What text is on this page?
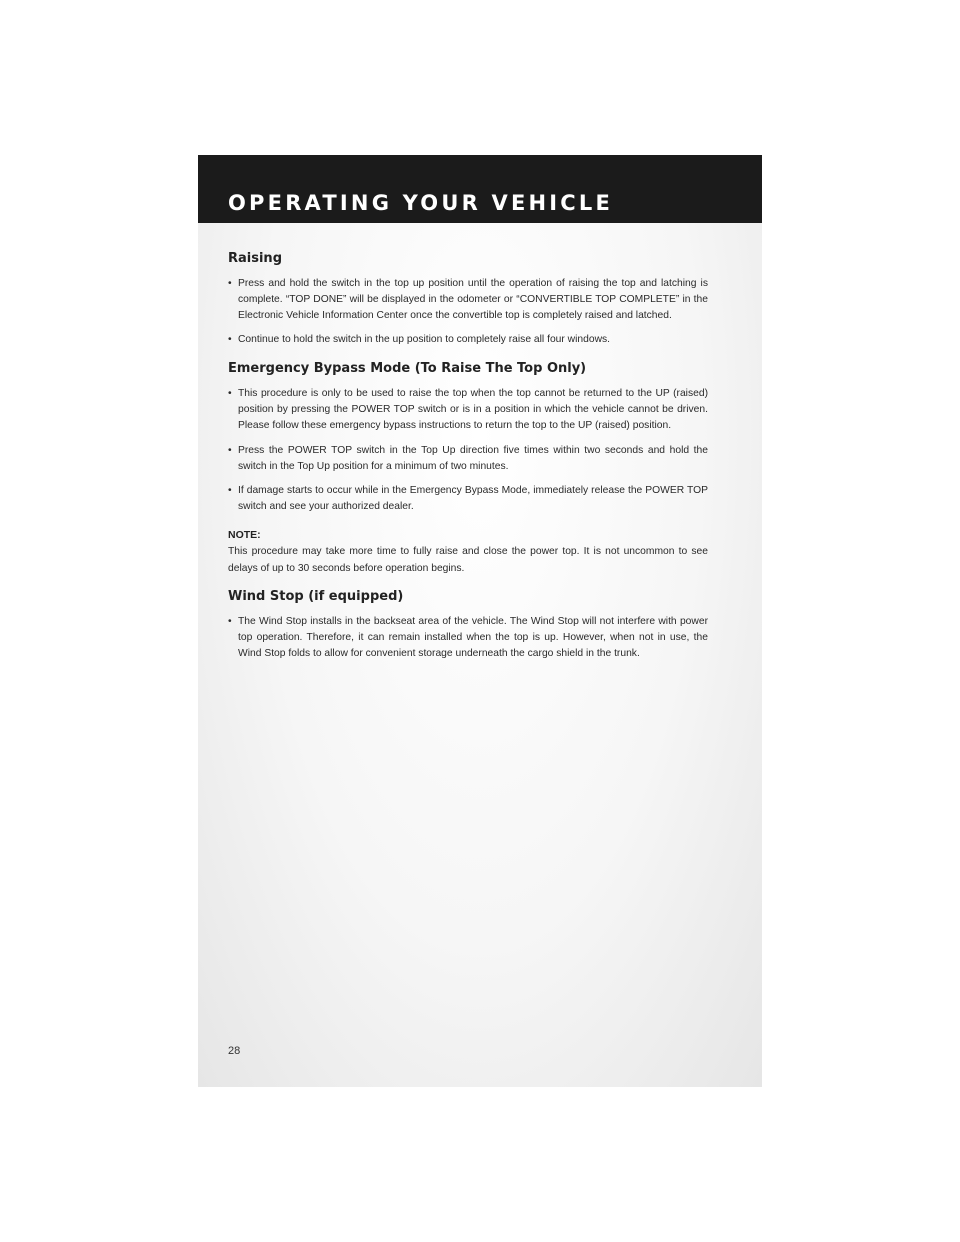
OPERATING YOUR VEHICLE
Raising
• Press and hold the switch in the top up position until the operation of raising the top and latching is complete. “TOP DONE” will be displayed in the odometer or “CONVERTIBLE TOP COMPLETE” in the Electronic Vehicle Information Center once the convertible top is completely raised and latched.
• Continue to hold the switch in the up position to completely raise all four windows.
Emergency Bypass Mode (To Raise The Top Only)
• This procedure is only to be used to raise the top when the top cannot be returned to the UP (raised) position by pressing the POWER TOP switch or is in a position in which the vehicle cannot be driven. Please follow these emergency bypass instructions to return the top to the UP (raised) position.
• Press the POWER TOP switch in the Top Up direction five times within two seconds and hold the switch in the Top Up position for a minimum of two minutes.
• If damage starts to occur while in the Emergency Bypass Mode, immediately release the POWER TOP switch and see your authorized dealer.

NOTE:

This procedure may take more time to fully raise and close the power top. It is not uncommon to see delays of up to 30 seconds before operation begins.

Wind Stop (if equipped)
• The Wind Stop installs in the backseat area of the vehicle. The Wind Stop will not interfere with power top operation. Therefore, it can remain installed when the top is up. However, when not in use, the Wind Stop folds to allow for convenient storage underneath the cargo shield in the trunk.
28
